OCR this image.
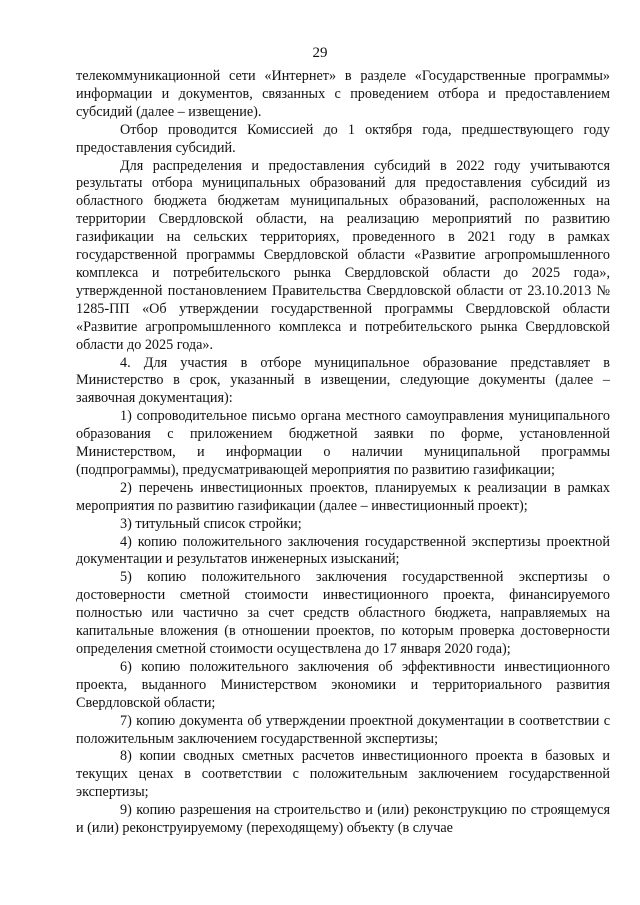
29

телекоммуникационной сети «Интернет» в разделе «Государственные программы» информации и документов, связанных с проведением отбора и предоставлением субсидий (далее – извещение).

Отбор проводится Комиссией до 1 октября года, предшествующего году предоставления субсидий.

Для распределения и предоставления субсидий в 2022 году учитываются результаты отбора муниципальных образований для предоставления субсидий из областного бюджета бюджетам муниципальных образований, расположенных на территории Свердловской области, на реализацию мероприятий по развитию газификации на сельских территориях, проведенного в 2021 году в рамках государственной программы Свердловской области «Развитие агропромышленного комплекса и потребительского рынка Свердловской области до 2025 года», утвержденной постановлением Правительства Свердловской области от 23.10.2013 № 1285-ПП «Об утверждении государственной программы Свердловской области «Развитие агропромышленного комплекса и потребительского рынка Свердловской области до 2025 года».

4. Для участия в отборе муниципальное образование представляет в Министерство в срок, указанный в извещении, следующие документы (далее – заявочная документация):

1) сопроводительное письмо органа местного самоуправления муниципального образования с приложением бюджетной заявки по форме, установленной Министерством, и информации о наличии муниципальной программы (подпрограммы), предусматривающей мероприятия по развитию газификации;

2) перечень инвестиционных проектов, планируемых к реализации в рамках мероприятия по развитию газификации (далее – инвестиционный проект);

3) титульный список стройки;

4) копию положительного заключения государственной экспертизы проектной документации и результатов инженерных изысканий;

5) копию положительного заключения государственной экспертизы о достоверности сметной стоимости инвестиционного проекта, финансируемого полностью или частично за счет средств областного бюджета, направляемых на капитальные вложения (в отношении проектов, по которым проверка достоверности определения сметной стоимости осуществлена до 17 января 2020 года);

6) копию положительного заключения об эффективности инвестиционного проекта, выданного Министерством экономики и территориального развития Свердловской области;

7) копию документа об утверждении проектной документации в соответствии с положительным заключением государственной экспертизы;

8) копии сводных сметных расчетов инвестиционного проекта в базовых и текущих ценах в соответствии с положительным заключением государственной экспертизы;

9) копию разрешения на строительство и (или) реконструкцию по строящемуся и (или) реконструируемому (переходящему) объекту (в случае
